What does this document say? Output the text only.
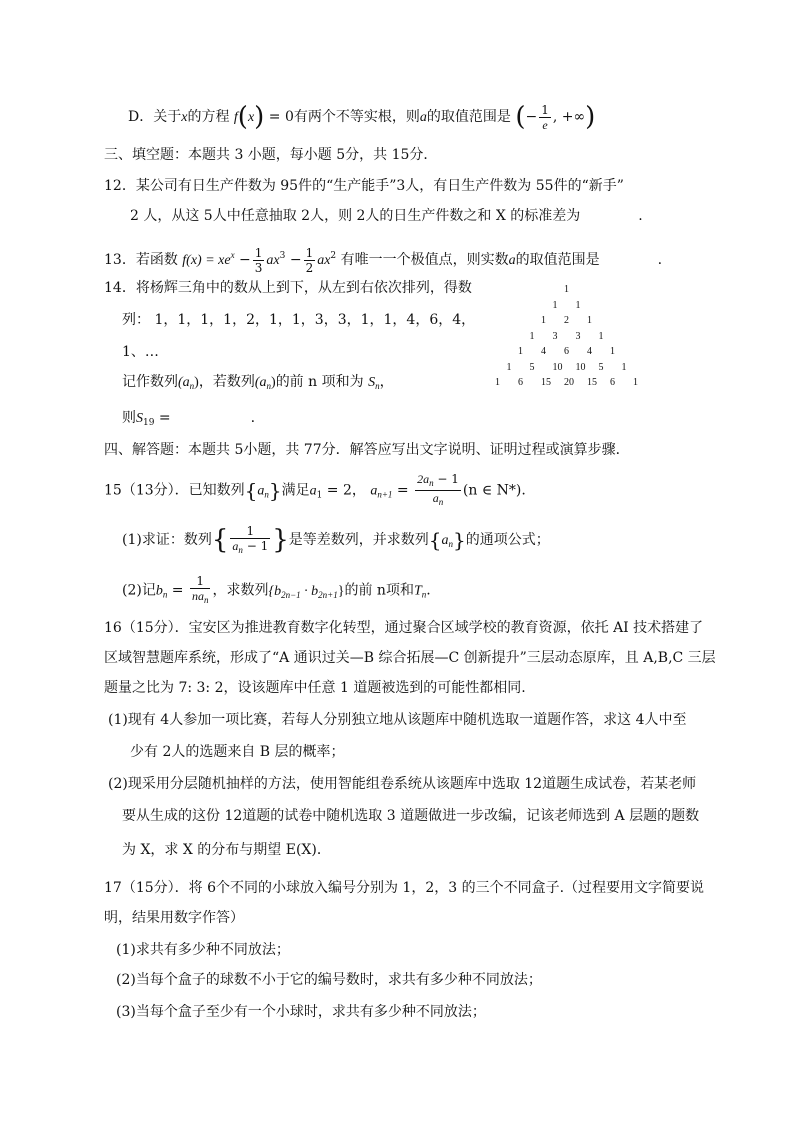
D．关于x的方程 f(x) = 0有两个不等实根，则a的取值范围是 (− $\frac{1}{e}$ , +∞)
三、填空题：本题共 3 小题，每小题 5分，共 15分．
12．某公司有日生产件数为 95件的“生产能手”3人，有日生产件数为 55件的“新手”
2 人，从这 5人中任意抽取 2人，则 2人的日生产件数之和 X 的标准差为	.
13．若函数 $f(x) = xe^x - \frac{1}{3} ax^3 - \frac{1}{2} ax^2$ 有唯一一个极值点，则实数a的取值范围是	.
14．将杨辉三角中的数从上到下，从左到右依次排列，得数
列： 1，1，1，1，2，1，1，3，3，1，1，4，6，4，
1、…
记作数列$(a_n)$，若数列$(a_n)$的前 n 项和为 $S_n$，
则$S_{19}$ =	.
1
1 1
1 2 1
1 3 3 1
1 4 6 4 1
1 5 10 10 5 1
1 6 15 20 15 6 1
四、解答题：本题共 5小题，共 77分．解答应写出文字说明、证明过程或演算步骤．
15（13分）．已知数列$\{a_n\}$满足$a_1 = 2$， $a_{n+1} = \frac{2a_n - 1}{a_n} (n$ ∈ N*).
(1)求证：数列{ $\frac{1}{a_n - 1}$ }是等差数列，并求数列$\{a_n\}$的通项公式；
(2)记$b_n = \frac{1}{na_n}$ ，求数列$\{b_{2n-1} \cdot b_{2n+1}\}$的前 n项和$T_n$.
16（15分）．宝安区为推进教育数字化转型，通过聚合区域学校的教育资源，依托 AI 技术搭建了
区域智慧题库系统，形成了“A 通识过关—B 综合拓展—C 创新提升”三层动态原库，且 A,B,C 三层
题量之比为 7: 3: 2，设该题库中任意 1 道题被选到的可能性都相同.
(1)现有 4人参加一项比赛，若每人分别独立地从该题库中随机选取一道题作答，求这 4人中至
少有 2人的选题来自 B 层的概率；
(2)现采用分层随机抽样的方法，使用智能组卷系统从该题库中选取 12道题生成试卷，若某老师
要从生成的这份 12道题的试卷中随机选取 3 道题做进一步改编，记该老师选到 A 层题的题数
为 X，求 X 的分布与期望 E(X)．
17（15分）．将 6个不同的小球放入编号分别为 1，2，3 的三个不同盒子.（过程要用文字简要说
明，结果用数字作答）
(1)求共有多少种不同放法；
(2)当每个盒子的球数不小于它的编号数时，求共有多少种不同放法；
(3)当每个盒子至少有一个小球时，求共有多少种不同放法；
